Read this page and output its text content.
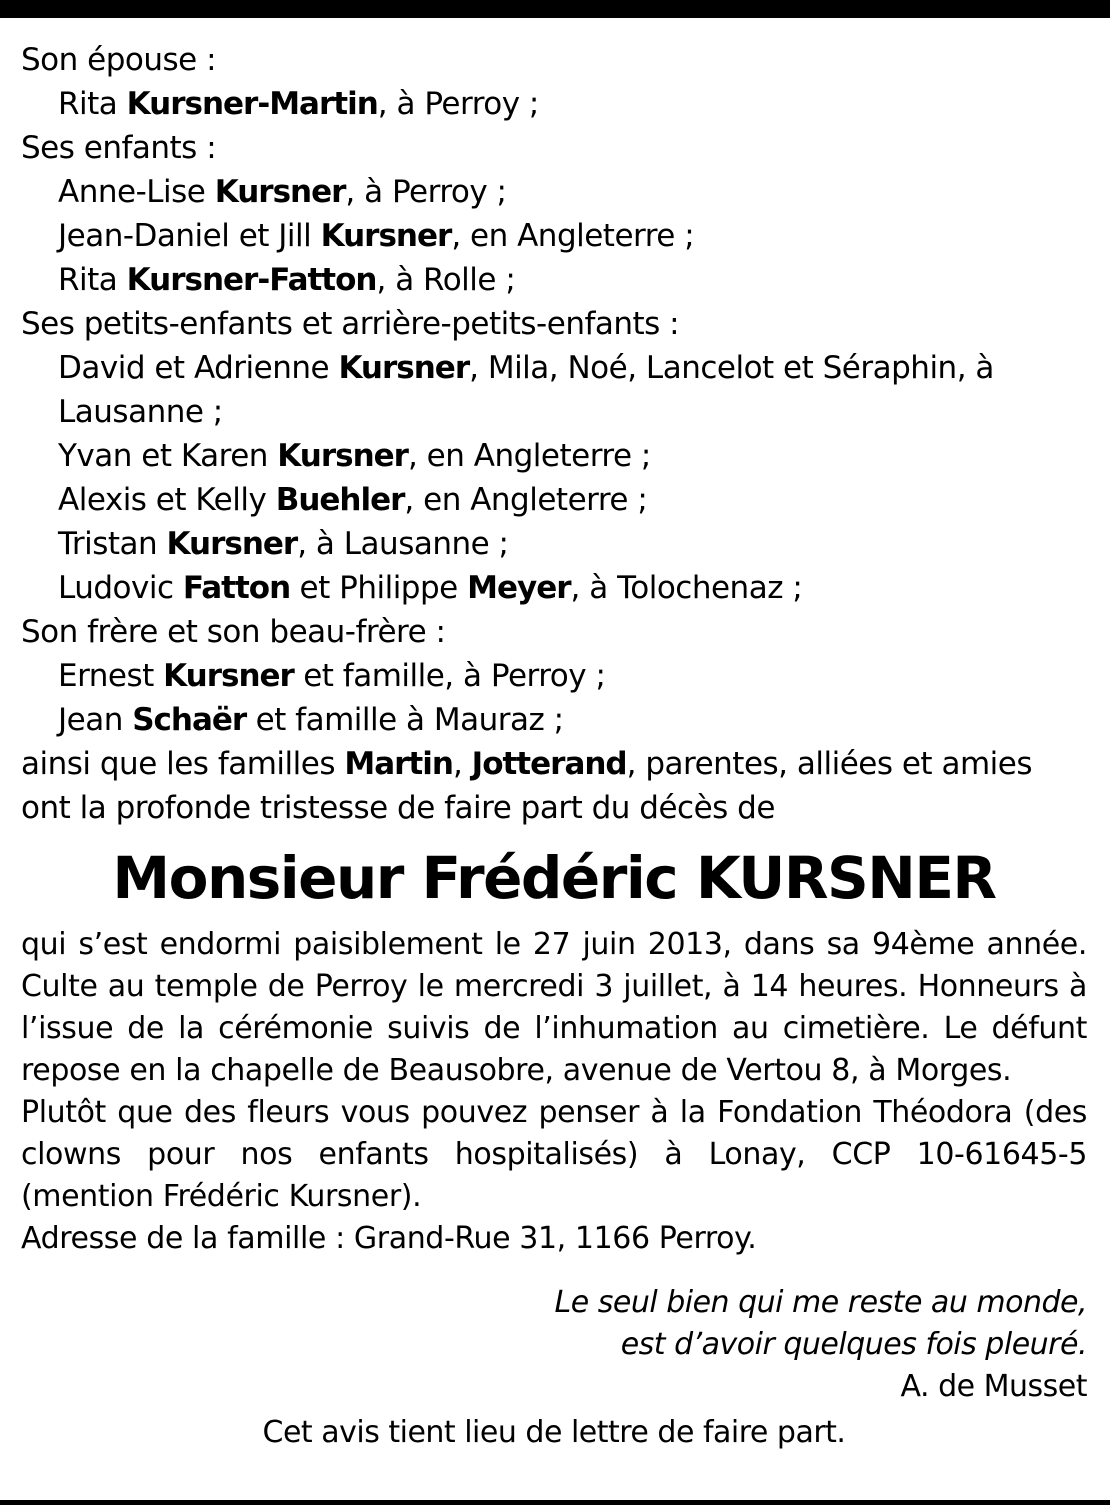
Son épouse :
Rita Kursner-Martin, à Perroy ;
Ses enfants :
Anne-Lise Kursner, à Perroy ;
Jean-Daniel et Jill Kursner, en Angleterre ;
Rita Kursner-Fatton, à Rolle ;
Ses petits-enfants et arrière-petits-enfants :
David et Adrienne Kursner, Mila, Noé, Lancelot et Séraphin, à Lausanne ;
Yvan et Karen Kursner, en Angleterre ;
Alexis et Kelly Buehler, en Angleterre ;
Tristan Kursner, à Lausanne ;
Ludovic Fatton et Philippe Meyer, à Tolochenaz ;
Son frère et son beau-frère :
Ernest Kursner et famille, à Perroy ;
Jean Schaër et famille à Mauraz ;
ainsi que les familles Martin, Jotterand, parentes, alliées et amies
ont la profonde tristesse de faire part du décès de
Monsieur Frédéric KURSNER

qui s’est endormi paisiblement le 27 juin 2013, dans sa 94ème année. Culte au temple de Perroy le mercredi 3 juillet, à 14 heures. Honneurs à l’issue de la cérémonie suivis de l’inhumation au cimetière. Le défunt repose en la chapelle de Beausobre, avenue de Vertou 8, à Morges.

Plutôt que des fleurs vous pouvez penser à la Fondation Théodora (des clowns pour nos enfants hospitalisés) à Lonay, CCP 10-61645-5 (mention Frédéric Kursner).

Adresse de la famille : Grand-Rue 31, 1166 Perroy.

Le seul bien qui me reste au monde,
est d’avoir quelques fois pleuré.
A. de Musset
Cet avis tient lieu de lettre de faire part.
